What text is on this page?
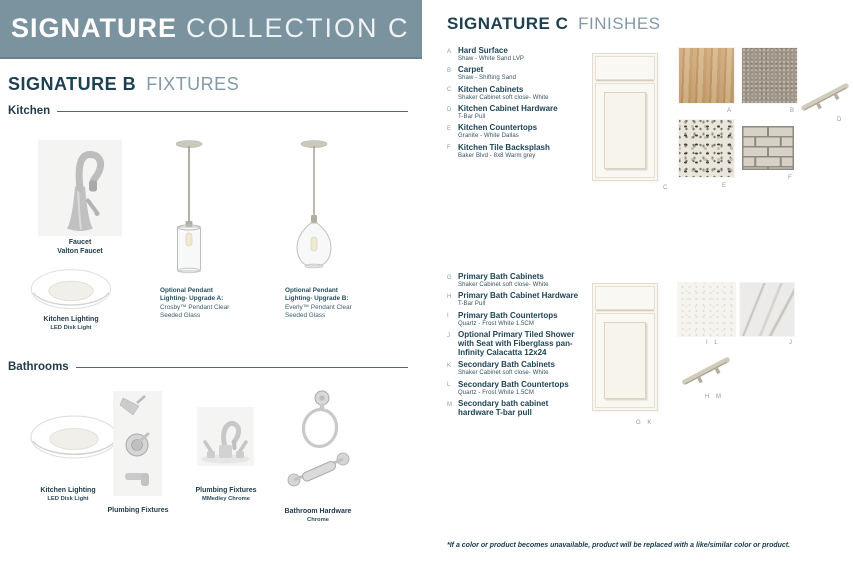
SIGNATURE COLLECTION C
SIGNATURE B FIXTURES
Kitchen
Faucet
Valton Faucet
Kitchen Lighting
LED Disk Light
Optional Pendant Lighting- Upgrade A:
Crosby™ Pendant Clear Seeded Glass
Optional Pendant Lighting- Upgrade B:
Everly™ Pendant Clear Seeded Glass
Bathrooms
Kitchen Lighting
LED Disk Light
Plumbing Fixtures
Plumbing Fixtures
MMedley Chrome
Bathroom Hardware
Chrome
SIGNATURE C FINISHES
A Hard Surface
Shaw - White Sand LVP
B Carpet
Shaw - Shifting Sand
C Kitchen Cabinets
Shaker Cabinet soft close- White
D Kitchen Cabinet Hardware
T-Bar Pull
E Kitchen Countertops
Granite - White Dallas
F Kitchen Tile Backsplash
Baker Blvd - 8x8 Warm grey
C
A	B
D
E
F
G Primary Bath Cabinets
Shaker Cabinet soft close- White
H Primary Bath Cabinet Hardware
T-Bar Pull
I	Primary Bath Countertops
Quartz - Frost White 1.5CM
J Optional Primary Tiled Shower with Seat with Fiberglass pan- Infinity Calacatta 12x24
K Secondary Bath Cabinets
Shaker Cabinet soft close- White
L Secondary Bath Countertops
Quartz - Frost White 1.5CM
M Secondary bath cabinet hardware T-bar pull
G K
I L	J
H M
*If a color or product becomes unavailable, product will be replaced with a like/similar color or product.
